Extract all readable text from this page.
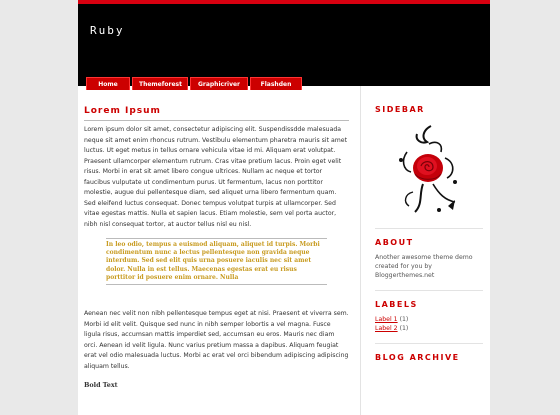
Ruby
Home	Themeforest	Graphicriver	Flashden
Lorem Ipsum

Lorem ipsum dolor sit amet, consectetur adipiscing elit. Suspendissdde malesuada neque sit amet enim rhoncus rutrum. Vestibulu elementum pharetra mauris sit amet luctus. Ut eget metus in tellus ornare vehicula vitae id mi. Aliquam erat volutpat. Praesent ullamcorper elementum rutrum. Cras vitae pretium lacus. Proin eget velit risus. Morbi in erat sit amet libero congue ultrices. Nullam ac neque et tortor faucibus vulputate ut condimentum purus. Ut fermentum, lacus non porttitor molestie, augue dui pellentesque diam, sed aliquet urna libero fermentum quam. Sed eleifend luctus consequat. Donec tempus volutpat turpis at ullamcorper. Sed vitae egestas mattis. Nulla et sapien lacus. Etiam molestie, sem vel porta auctor, nibh nisl consequat tortor, at auctor tellus nisl eu nisl.

In leo odio, tempus a euismod aliquam, aliquet id turpis. Morbi condimentum nunc a lectus pellentesque non gravida neque interdum. Sed sed elit quis urna posuere iaculis nec sit amet dolor. Nulla in est tellus. Maecenas egestas erat eu risus porttitor id posuere enim ornare. Nulla

Aenean nec velit non nibh pellentesque tempus eget at nisi. Praesent et viverra sem. Morbi id elit velit. Quisque sed nunc in nibh semper lobortis a vel magna. Fusce ligula risus, accumsan mattis imperdiet sed, accumsan eu eros. Mauris nec diam orci. Aenean id velit ligula. Nunc varius pretium massa a dapibus. Aliquam feugiat erat vel odio malesuada luctus. Morbi ac erat vel orci bibendum adipiscing adipiscing aliquam tellus.

Bold Text
SIDEBAR
ABOUT
Another awesome theme demo created for you by Bloggerthemes.net
LABELS
Label 1 (1)
Label 2 (1)
BLOG ARCHIVE
